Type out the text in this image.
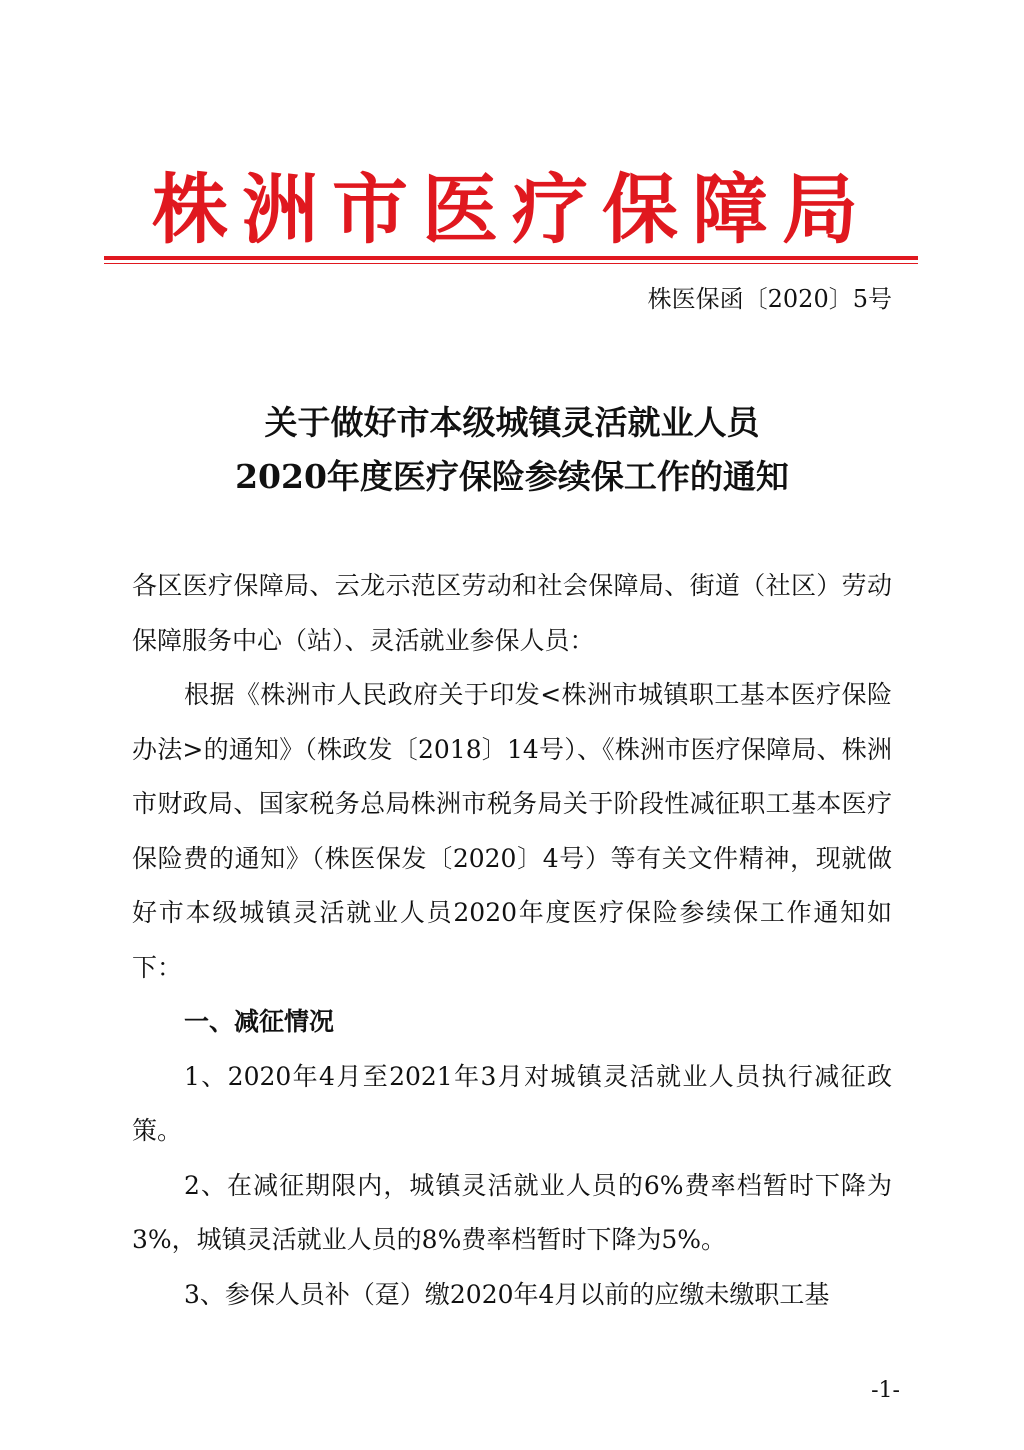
株洲市医疗保障局
株医保函〔2020〕5号
关于做好市本级城镇灵活就业人员
2020年度医疗保险参续保工作的通知

各区医疗保障局、云龙示范区劳动和社会保障局、街道（社区）劳动保障服务中心（站）、灵活就业参保人员：

根据《株洲市人民政府关于印发<株洲市城镇职工基本医疗保险办法>的通知》（株政发〔2018〕14号）、《株洲市医疗保障局、株洲市财政局、国家税务总局株洲市税务局关于阶段性减征职工基本医疗保险费的通知》（株医保发〔2020〕4号）等有关文件精神，现就做好市本级城镇灵活就业人员2020年度医疗保险参续保工作通知如下：

一、减征情况

1、2020年4月至2021年3月对城镇灵活就业人员执行减征政策。

2、在减征期限内，城镇灵活就业人员的6%费率档暂时下降为3%，城镇灵活就业人员的8%费率档暂时下降为5%。

3、参保人员补（趸）缴2020年4月以前的应缴未缴职工基

-1-
